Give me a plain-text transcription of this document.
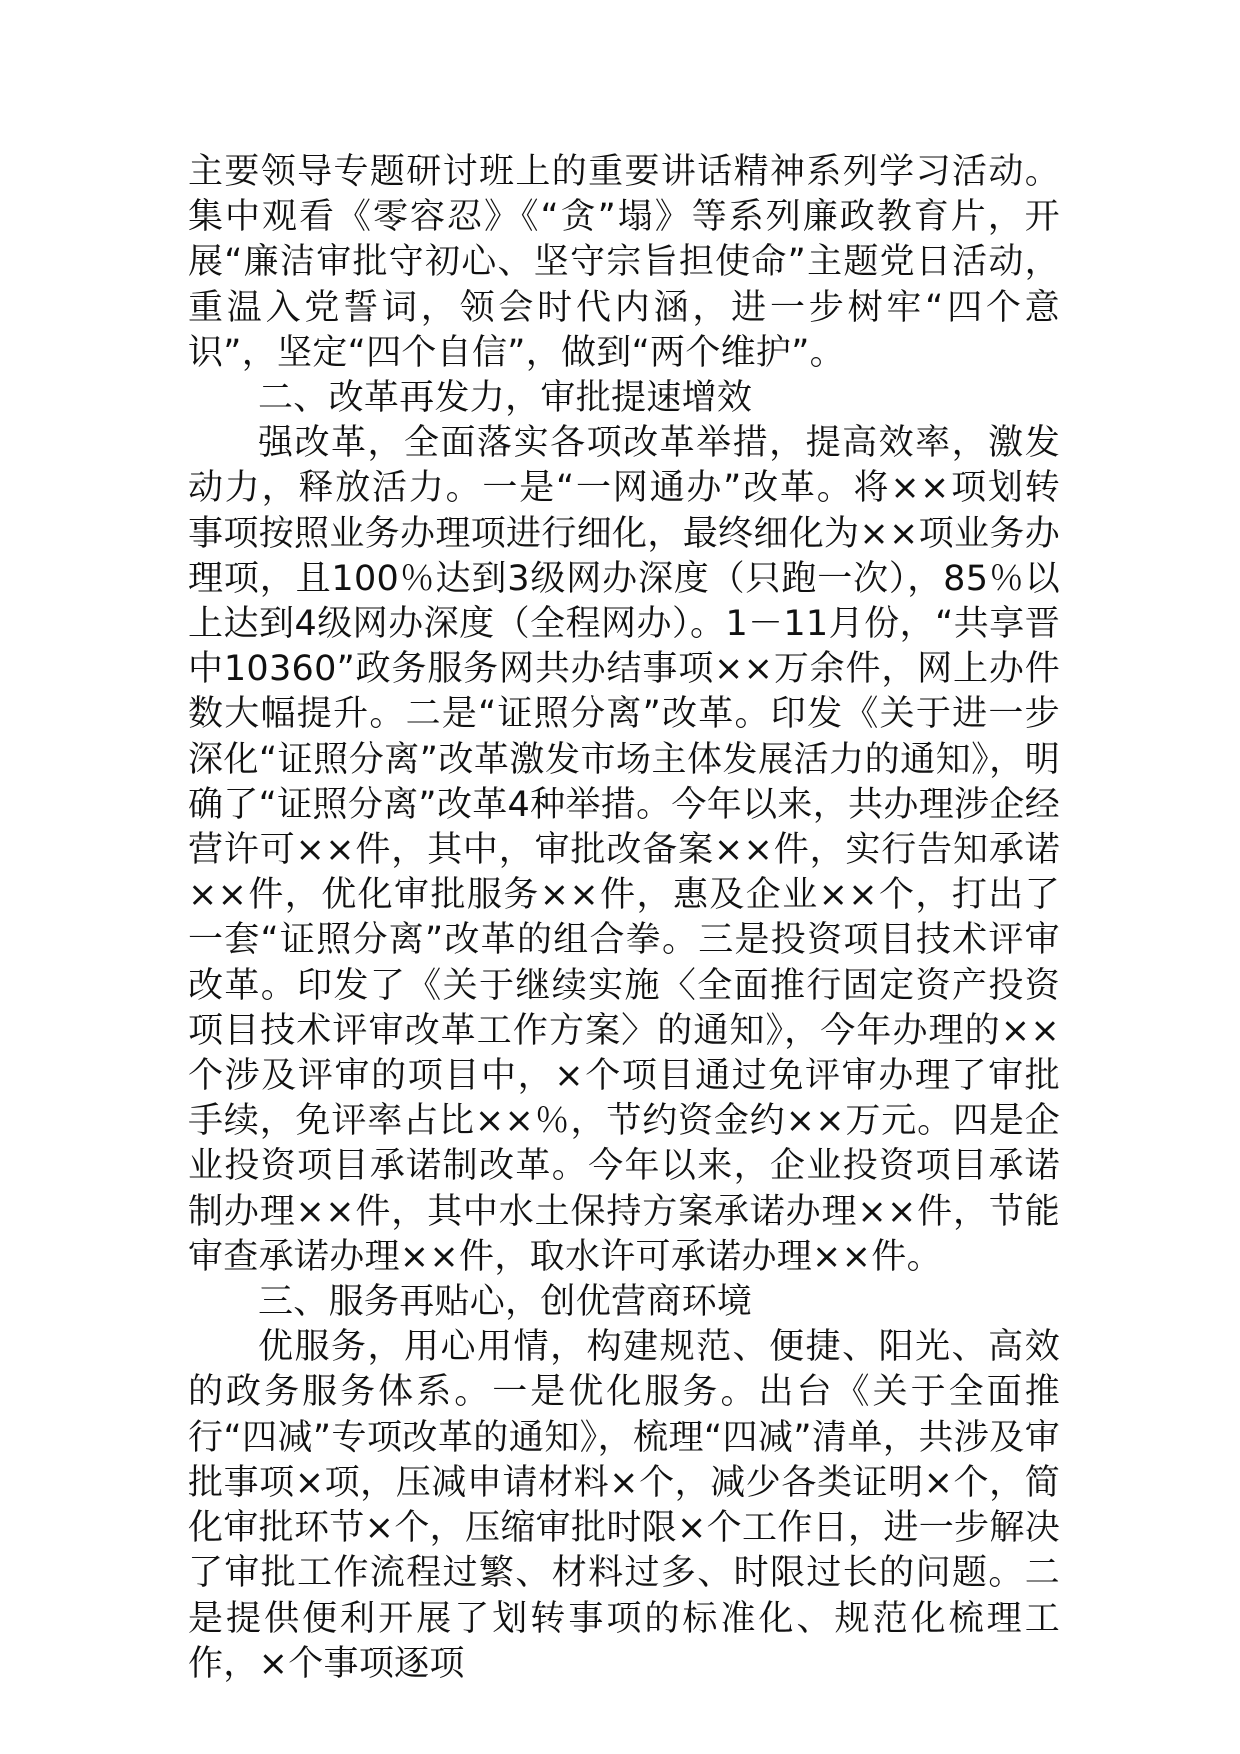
主要领导专题研讨班上的重要讲话精神系列学习活动。集中观看《零容忍》《“贪”塌》等系列廉政教育片，开展“廉洁审批守初心、坚守宗旨担使命”主题党日活动，重温入党誓词，领会时代内涵，进一步树牢“四个意识”，坚定“四个自信”，做到“两个维护”。

二、改革再发力，审批提速增效

强改革，全面落实各项改革举措，提高效率，激发动力，释放活力。一是“一网通办”改革。将××项划转事项按照业务办理项进行细化，最终细化为××项业务办理项，且100％达到3级网办深度（只跑一次），85％以上达到4级网办深度（全程网办）。1－11月份，“共享晋中10360”政务服务网共办结事项××万余件，网上办件数大幅提升。二是“证照分离”改革。印发《关于进一步深化“证照分离”改革激发市场主体发展活力的通知》，明确了“证照分离”改革4种举措。今年以来，共办理涉企经营许可××件，其中，审批改备案××件，实行告知承诺××件，优化审批服务××件，惠及企业××个，打出了一套“证照分离”改革的组合拳。三是投资项目技术评审改革。印发了《关于继续实施〈全面推行固定资产投资项目技术评审改革工作方案〉的通知》，今年办理的××个涉及评审的项目中，×个项目通过免评审办理了审批手续，免评率占比××％，节约资金约××万元。四是企业投资项目承诺制改革。今年以来，企业投资项目承诺制办理××件，其中水土保持方案承诺办理××件，节能审查承诺办理××件，取水许可承诺办理××件。

三、服务再贴心，创优营商环境

优服务，用心用情，构建规范、便捷、阳光、高效的政务服务体系。一是优化服务。出台《关于全面推行“四减”专项改革的通知》，梳理“四减”清单，共涉及审批事项×项，压减申请材料×个，减少各类证明×个，简化审批环节×个，压缩审批时限×个工作日，进一步解决了审批工作流程过繁、材料过多、时限过长的问题。二是提供便利开展了划转事项的标准化、规范化梳理工作，×个事项逐项
